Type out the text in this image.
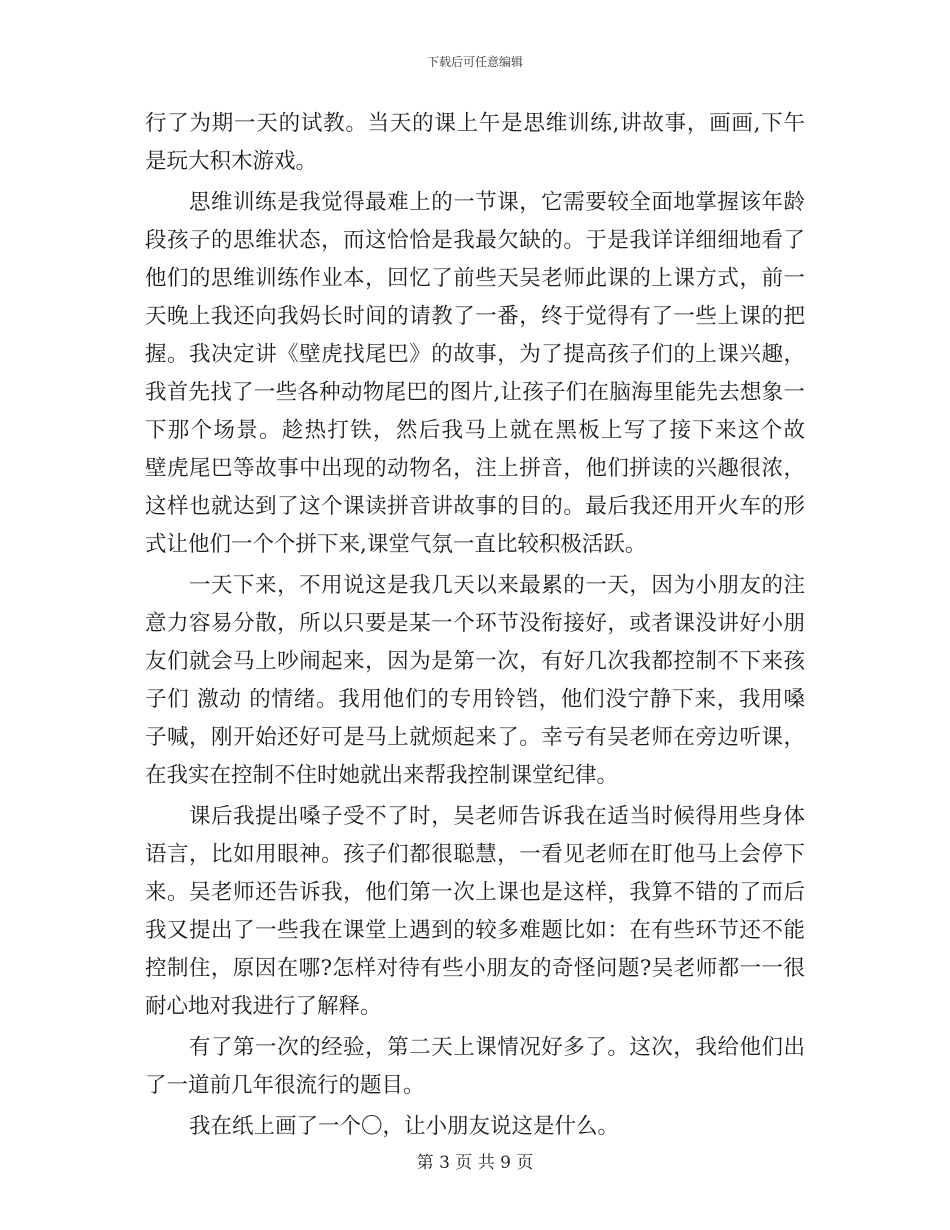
下载后可任意编辑
行了为期一天的试教。当天的课上午是思维训练,讲故事，画画,下午
是玩大积木游戏。
思维训练是我觉得最难上的一节课，它需要较全面地掌握该年龄
段孩子的思维状态，而这恰恰是我最欠缺的。于是我详详细细地看了
他们的思维训练作业本，回忆了前些天吴老师此课的上课方式，前一
天晚上我还向我妈长时间的请教了一番，终于觉得有了一些上课的把
握。我决定讲《壁虎找尾巴》的故事，为了提高孩子们的上课兴趣，
我首先找了一些各种动物尾巴的图片,让孩子们在脑海里能先去想象一
下那个场景。趁热打铁，然后我马上就在黑板上写了接下来这个故
壁虎尾巴等故事中出现的动物名，注上拼音，他们拼读的兴趣很浓，
这样也就达到了这个课读拼音讲故事的目的。最后我还用开火车的形
式让他们一个个拼下来,课堂气氛一直比较积极活跃。
一天下来，不用说这是我几天以来最累的一天，因为小朋友的注
意力容易分散，所以只要是某一个环节没衔接好，或者课没讲好小朋
友们就会马上吵闹起来，因为是第一次，有好几次我都控制不下来孩
子们 激动 的情绪。我用他们的专用铃铛，他们没宁静下来，我用嗓
子喊，刚开始还好可是马上就烦起来了。幸亏有吴老师在旁边听课，
在我实在控制不住时她就出来帮我控制课堂纪律。
课后我提出嗓子受不了时，吴老师告诉我在适当时候得用些身体
语言，比如用眼神。孩子们都很聪慧，一看见老师在盯他马上会停下
来。吴老师还告诉我，他们第一次上课也是这样，我算不错的了而后
我又提出了一些我在课堂上遇到的较多难题比如：在有些环节还不能
控制住，原因在哪?怎样对待有些小朋友的奇怪问题?吴老师都一一很
耐心地对我进行了解释。
有了第一次的经验，第二天上课情况好多了。这次，我给他们出
了一道前几年很流行的题目。
我在纸上画了一个〇，让小朋友说这是什么。
第 3 页 共 9 页
